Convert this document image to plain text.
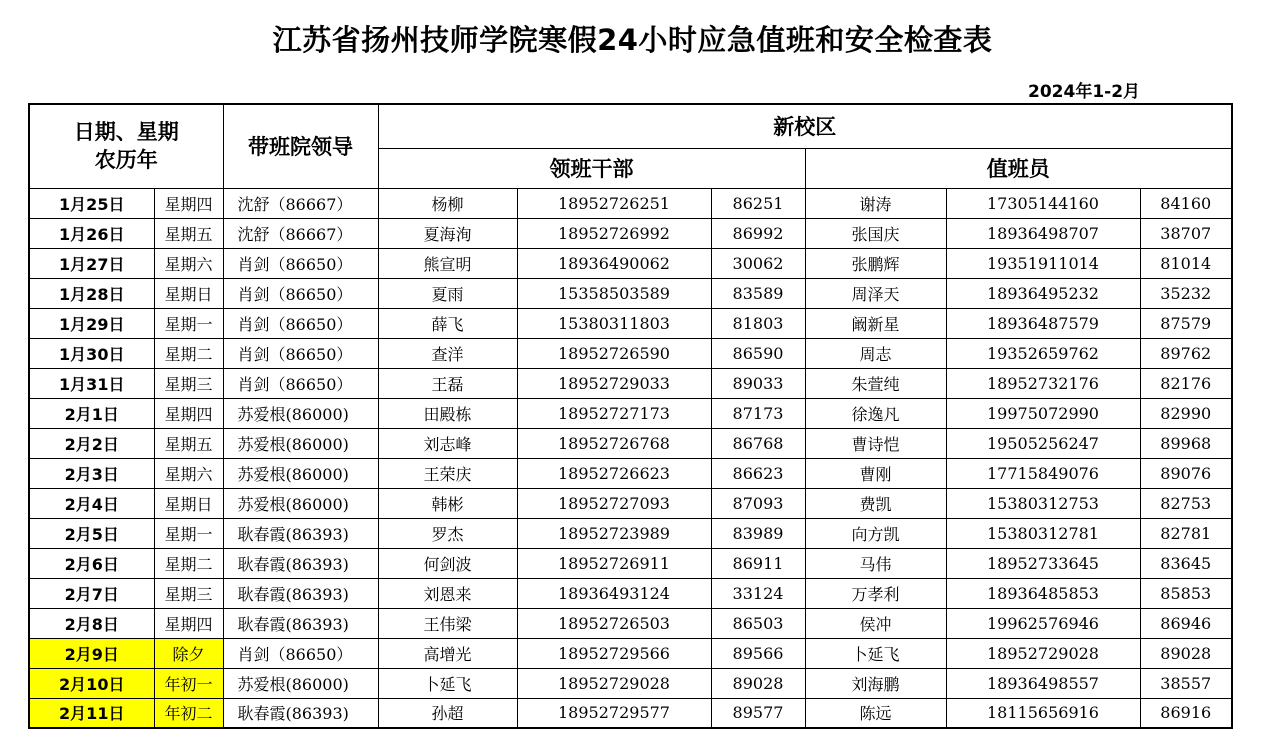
江苏省扬州技师学院寒假24小时应急值班和安全检查表
2024年1-2月
日期、星期
农历年		带班院领导	新校区					
			领班干部			值班员		
1月25日	星期四	沈舒（86667）	杨柳	18952726251	86251	谢涛	17305144160	84160
1月26日	星期五	沈舒（86667）	夏海洵	18952726992	86992	张国庆	18936498707	38707
1月27日	星期六	肖剑（86650）	熊宣明	18936490062	30062	张鹏辉	19351911014	81014
1月28日	星期日	肖剑（86650）	夏雨	15358503589	83589	周泽天	18936495232	35232
1月29日	星期一	肖剑（86650）	薛飞	15380311803	81803	阚新星	18936487579	87579
1月30日	星期二	肖剑（86650）	查洋	18952726590	86590	周志	19352659762	89762
1月31日	星期三	肖剑（86650）	王磊	18952729033	89033	朱萱纯	18952732176	82176
2月1日	星期四	苏爱根(86000)	田殿栋	18952727173	87173	徐逸凡	19975072990	82990
2月2日	星期五	苏爱根(86000)	刘志峰	18952726768	86768	曹诗恺	19505256247	89968
2月3日	星期六	苏爱根(86000)	王荣庆	18952726623	86623	曹刚	17715849076	89076
2月4日	星期日	苏爱根(86000)	韩彬	18952727093	87093	费凯	15380312753	82753
2月5日	星期一	耿春霞(86393)	罗杰	18952723989	83989	向方凯	15380312781	82781
2月6日	星期二	耿春霞(86393)	何剑波	18952726911	86911	马伟	18952733645	83645
2月7日	星期三	耿春霞(86393)	刘恩来	18936493124	33124	万孝利	18936485853	85853
2月8日	星期四	耿春霞(86393)	王伟梁	18952726503	86503	侯冲	19962576946	86946
2月9日	除夕	肖剑（86650）	高增光	18952729566	89566	卜延飞	18952729028	89028
2月10日	年初一	苏爱根(86000)	卜延飞	18952729028	89028	刘海鹏	18936498557	38557
2月11日	年初二	耿春霞(86393)	孙超	18952729577	89577	陈远	18115656916	86916
